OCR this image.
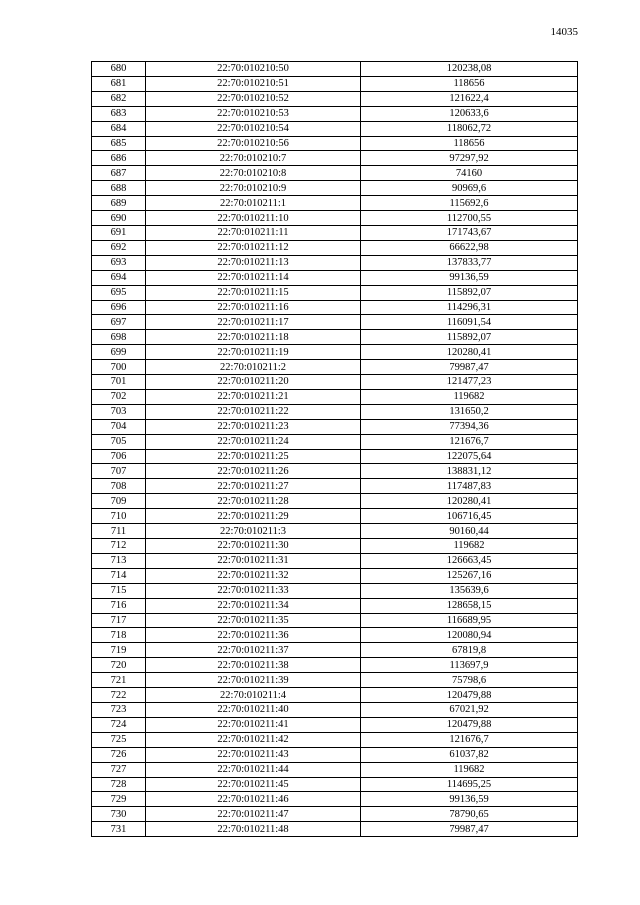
14035
680	22:70:010210:50	120238,08
681	22:70:010210:51	118656
682	22:70:010210:52	121622,4
683	22:70:010210:53	120633,6
684	22:70:010210:54	118062,72
685	22:70:010210:56	118656
686	22:70:010210:7	97297,92
687	22:70:010210:8	74160
688	22:70:010210:9	90969,6
689	22:70:010211:1	115692,6
690	22:70:010211:10	112700,55
691	22:70:010211:11	171743,67
692	22:70:010211:12	66622,98
693	22:70:010211:13	137833,77
694	22:70:010211:14	99136,59
695	22:70:010211:15	115892,07
696	22:70:010211:16	114296,31
697	22:70:010211:17	116091,54
698	22:70:010211:18	115892,07
699	22:70:010211:19	120280,41
700	22:70:010211:2	79987,47
701	22:70:010211:20	121477,23
702	22:70:010211:21	119682
703	22:70:010211:22	131650,2
704	22:70:010211:23	77394,36
705	22:70:010211:24	121676,7
706	22:70:010211:25	122075,64
707	22:70:010211:26	138831,12
708	22:70:010211:27	117487,83
709	22:70:010211:28	120280,41
710	22:70:010211:29	106716,45
711	22:70:010211:3	90160,44
712	22:70:010211:30	119682
713	22:70:010211:31	126663,45
714	22:70:010211:32	125267,16
715	22:70:010211:33	135639,6
716	22:70:010211:34	128658,15
717	22:70:010211:35	116689,95
718	22:70:010211:36	120080,94
719	22:70:010211:37	67819,8
720	22:70:010211:38	113697,9
721	22:70:010211:39	75798,6
722	22:70:010211:4	120479,88
723	22:70:010211:40	67021,92
724	22:70:010211:41	120479,88
725	22:70:010211:42	121676,7
726	22:70:010211:43	61037,82
727	22:70:010211:44	119682
728	22:70:010211:45	114695,25
729	22:70:010211:46	99136,59
730	22:70:010211:47	78790,65
731	22:70:010211:48	79987,47
